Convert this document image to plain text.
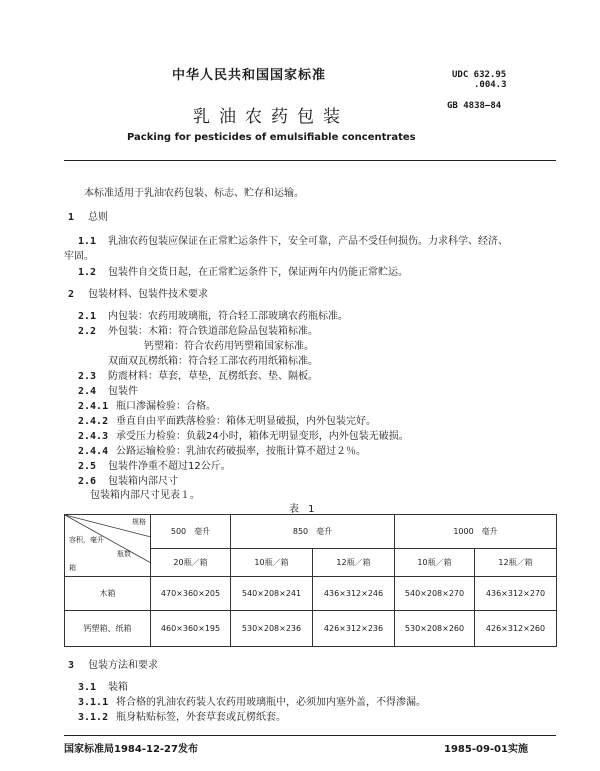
中华人民共和国国家标准	UDC 632.95
.004.3
GB 4838—84
乳油农药包装
Packing for pesticides of emulsifiable concentrates
本标准适用于乳油农药包装、标志、贮存和运输。
1 总则
1.1 乳油农药包装应保证在正常贮运条件下，安全可靠，产品不受任何损伤。力求科学、经济、
牢固。
1.2 包装件自交货日起，在正常贮运条件下，保证两年内仍能正常贮运。
2 包装材料、包装件技术要求
2.1 内包装：农药用玻璃瓶，符合轻工部玻璃农药瓶标准。
2.2 外包装：木箱：符合铁道部危险品包装箱标准。
钙塑箱：符合农药用钙塑箱国家标准。
双面双瓦楞纸箱：符合轻工部农药用纸箱标准。
2.3 防震材料：草套，草垫，瓦楞纸套、垫、隔板。
2.4 包装件
2.4.1 瓶口渗漏检验：合格。
2.4.2 垂直自由平面跌落检验：箱体无明显破损，内外包装完好。
2.4.3 承受压力检验：负载24小时，箱体无明显变形，内外包装无破损。
2.4.4 公路运输检验：乳油农药破损率，按瓶计算不超过２％。
2.5 包装件净重不超过12公斤。
2.6 包装箱内部尺寸
包装箱内部尺寸见表１。
表 1
规格
容积，毫升
瓶数
箱	500　毫升	850　毫升		1000　毫升	
	20瓶／箱	10瓶／箱	12瓶／箱	10瓶／箱	12瓶／箱
木箱	470×360×205	540×208×241	436×312×246	540×208×270	436×312×270
钙塑箱、纸箱	460×360×195	530×208×236	426×312×236	530×208×260	426×312×260
3 包装方法和要求
3.1 装箱
3.1.1 将合格的乳油农药装人农药用玻璃瓶中，必须加内塞外盖，不得渗漏。
3.1.2 瓶身粘贴标签，外套草套或瓦楞纸套。
国家标准局1984-12-27发布	1985-09-01实施
